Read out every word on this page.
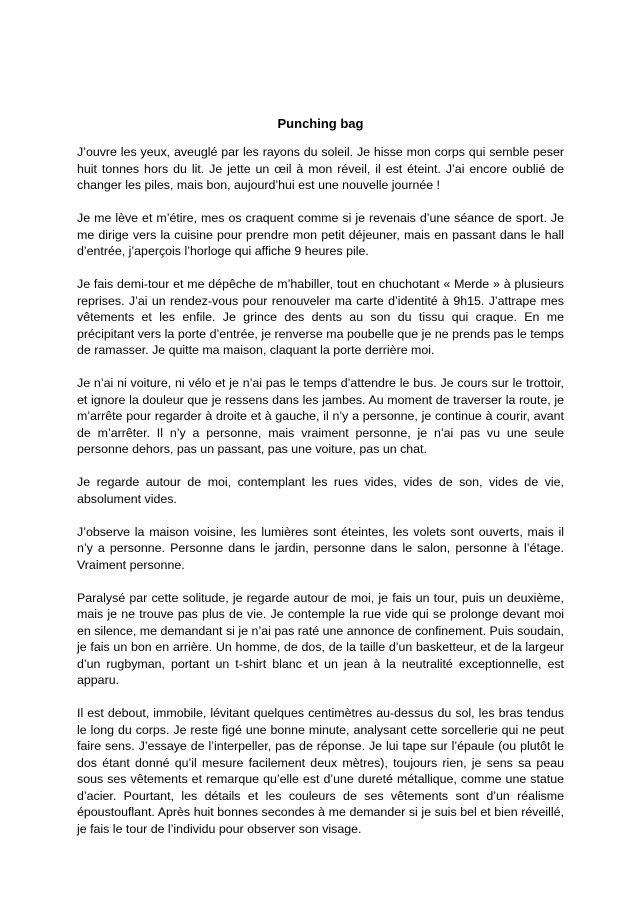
Punching bag

J’ouvre les yeux, aveuglé par les rayons du soleil. Je hisse mon corps qui semble peser huit tonnes hors du lit. Je jette un œil à mon réveil, il est éteint. J’ai encore oublié de changer les piles, mais bon, aujourd’hui est une nouvelle journée !

Je me lève et m’étire, mes os craquent comme si je revenais d’une séance de sport. Je me dirige vers la cuisine pour prendre mon petit déjeuner, mais en passant dans le hall d’entrée, j’aperçois l’horloge qui affiche 9 heures pile.

Je fais demi-tour et me dépêche de m’habiller, tout en chuchotant « Merde » à plusieurs reprises. J’ai un rendez-vous pour renouveler ma carte d’identité à 9h15. J’attrape mes vêtements et les enfile. Je grince des dents au son du tissu qui craque. En me précipitant vers la porte d’entrée, je renverse ma poubelle que je ne prends pas le temps de ramasser. Je quitte ma maison, claquant la porte derrière moi.

Je n’ai ni voiture, ni vélo et je n’ai pas le temps d’attendre le bus. Je cours sur le trottoir, et ignore la douleur que je ressens dans les jambes. Au moment de traverser la route, je m’arrête pour regarder à droite et à gauche, il n’y a personne, je continue à courir, avant de m’arrêter. Il n’y a personne, mais vraiment personne, je n’ai pas vu une seule personne dehors, pas un passant, pas une voiture, pas un chat.

Je regarde autour de moi, contemplant les rues vides, vides de son, vides de vie, absolument vides.

J’observe la maison voisine, les lumières sont éteintes, les volets sont ouverts, mais il n’y a personne. Personne dans le jardin, personne dans le salon, personne à l’étage. Vraiment personne.

Paralysé par cette solitude, je regarde autour de moi, je fais un tour, puis un deuxième, mais je ne trouve pas plus de vie. Je contemple la rue vide qui se prolonge devant moi en silence, me demandant si je n’ai pas raté une annonce de confinement. Puis soudain, je fais un bon en arrière. Un homme, de dos, de la taille d’un basketteur, et de la largeur d’un rugbyman, portant un t-shirt blanc et un jean à la neutralité exceptionnelle, est apparu.

Il est debout, immobile, lévitant quelques centimètres au-dessus du sol, les bras tendus le long du corps. Je reste figé une bonne minute, analysant cette sorcellerie qui ne peut faire sens. J’essaye de l’interpeller, pas de réponse. Je lui tape sur l’épaule (ou plutôt le dos étant donné qu’il mesure facilement deux mètres), toujours rien, je sens sa peau sous ses vêtements et remarque qu’elle est d’une dureté métallique, comme une statue d’acier. Pourtant, les détails et les couleurs de ses vêtements sont d’un réalisme époustouflant. Après huit bonnes secondes à me demander si je suis bel et bien réveillé, je fais le tour de l’individu pour observer son visage.
